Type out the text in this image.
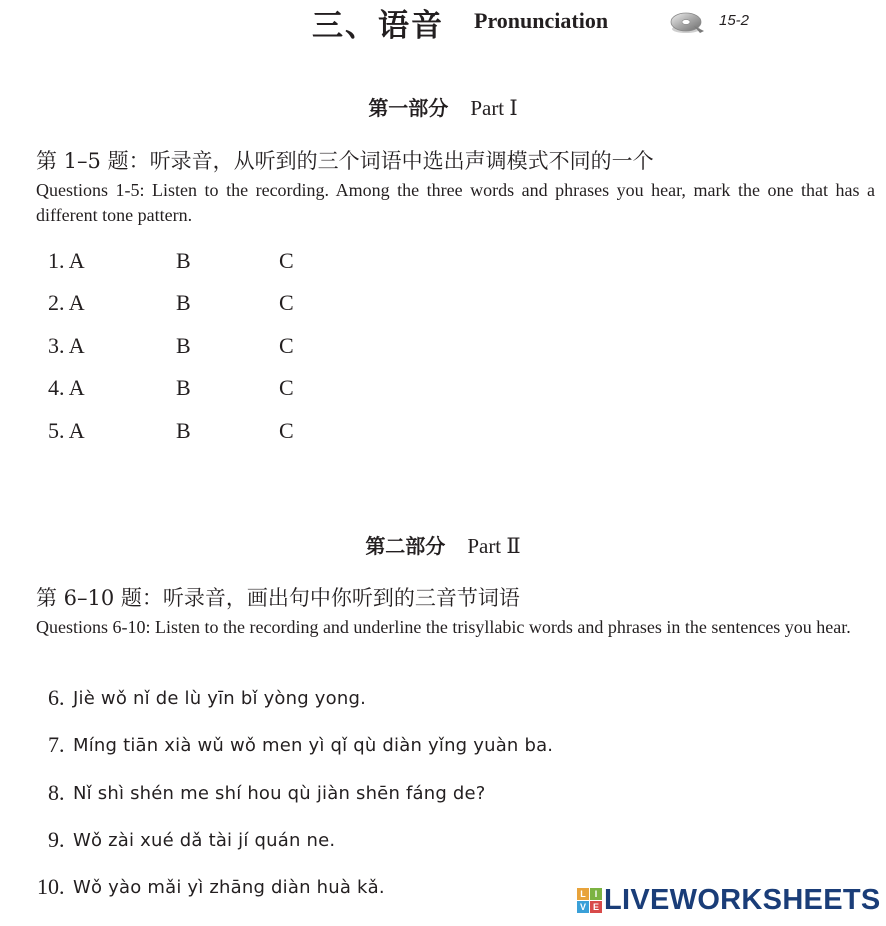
三、语音 Pronunciation	15-2
第一部分 Part Ⅰ
第 1–5 题：听录音，从听到的三个词语中选出声调模式不同的一个
Questions 1-5: Listen to the recording. Among the three words and phrases you hear, mark the one that has a different tone pattern.
1. A	B	C
2. A	B	C
3. A	B	C
4. A	B	C
5. A	B	C
第二部分 Part Ⅱ
第 6–10 题：听录音，画出句中你听到的三音节词语
Questions 6-10: Listen to the recording and underline the trisyllabic words and phrases in the sentences you hear.
6. Jiè wǒ nǐ de lù yīn bǐ yòng yong.
7. Míng tiān xià wǔ wǒ men yì qǐ qù diàn yǐng yuàn ba.
8. Nǐ shì shén me shí hou qù jiàn shēn fáng de?
9. Wǒ zài xué dǎ tài jí quán ne.
10. Wǒ yào mǎi yì zhāng diàn huà kǎ.	L I
V E LIVEWORKSHEETS
